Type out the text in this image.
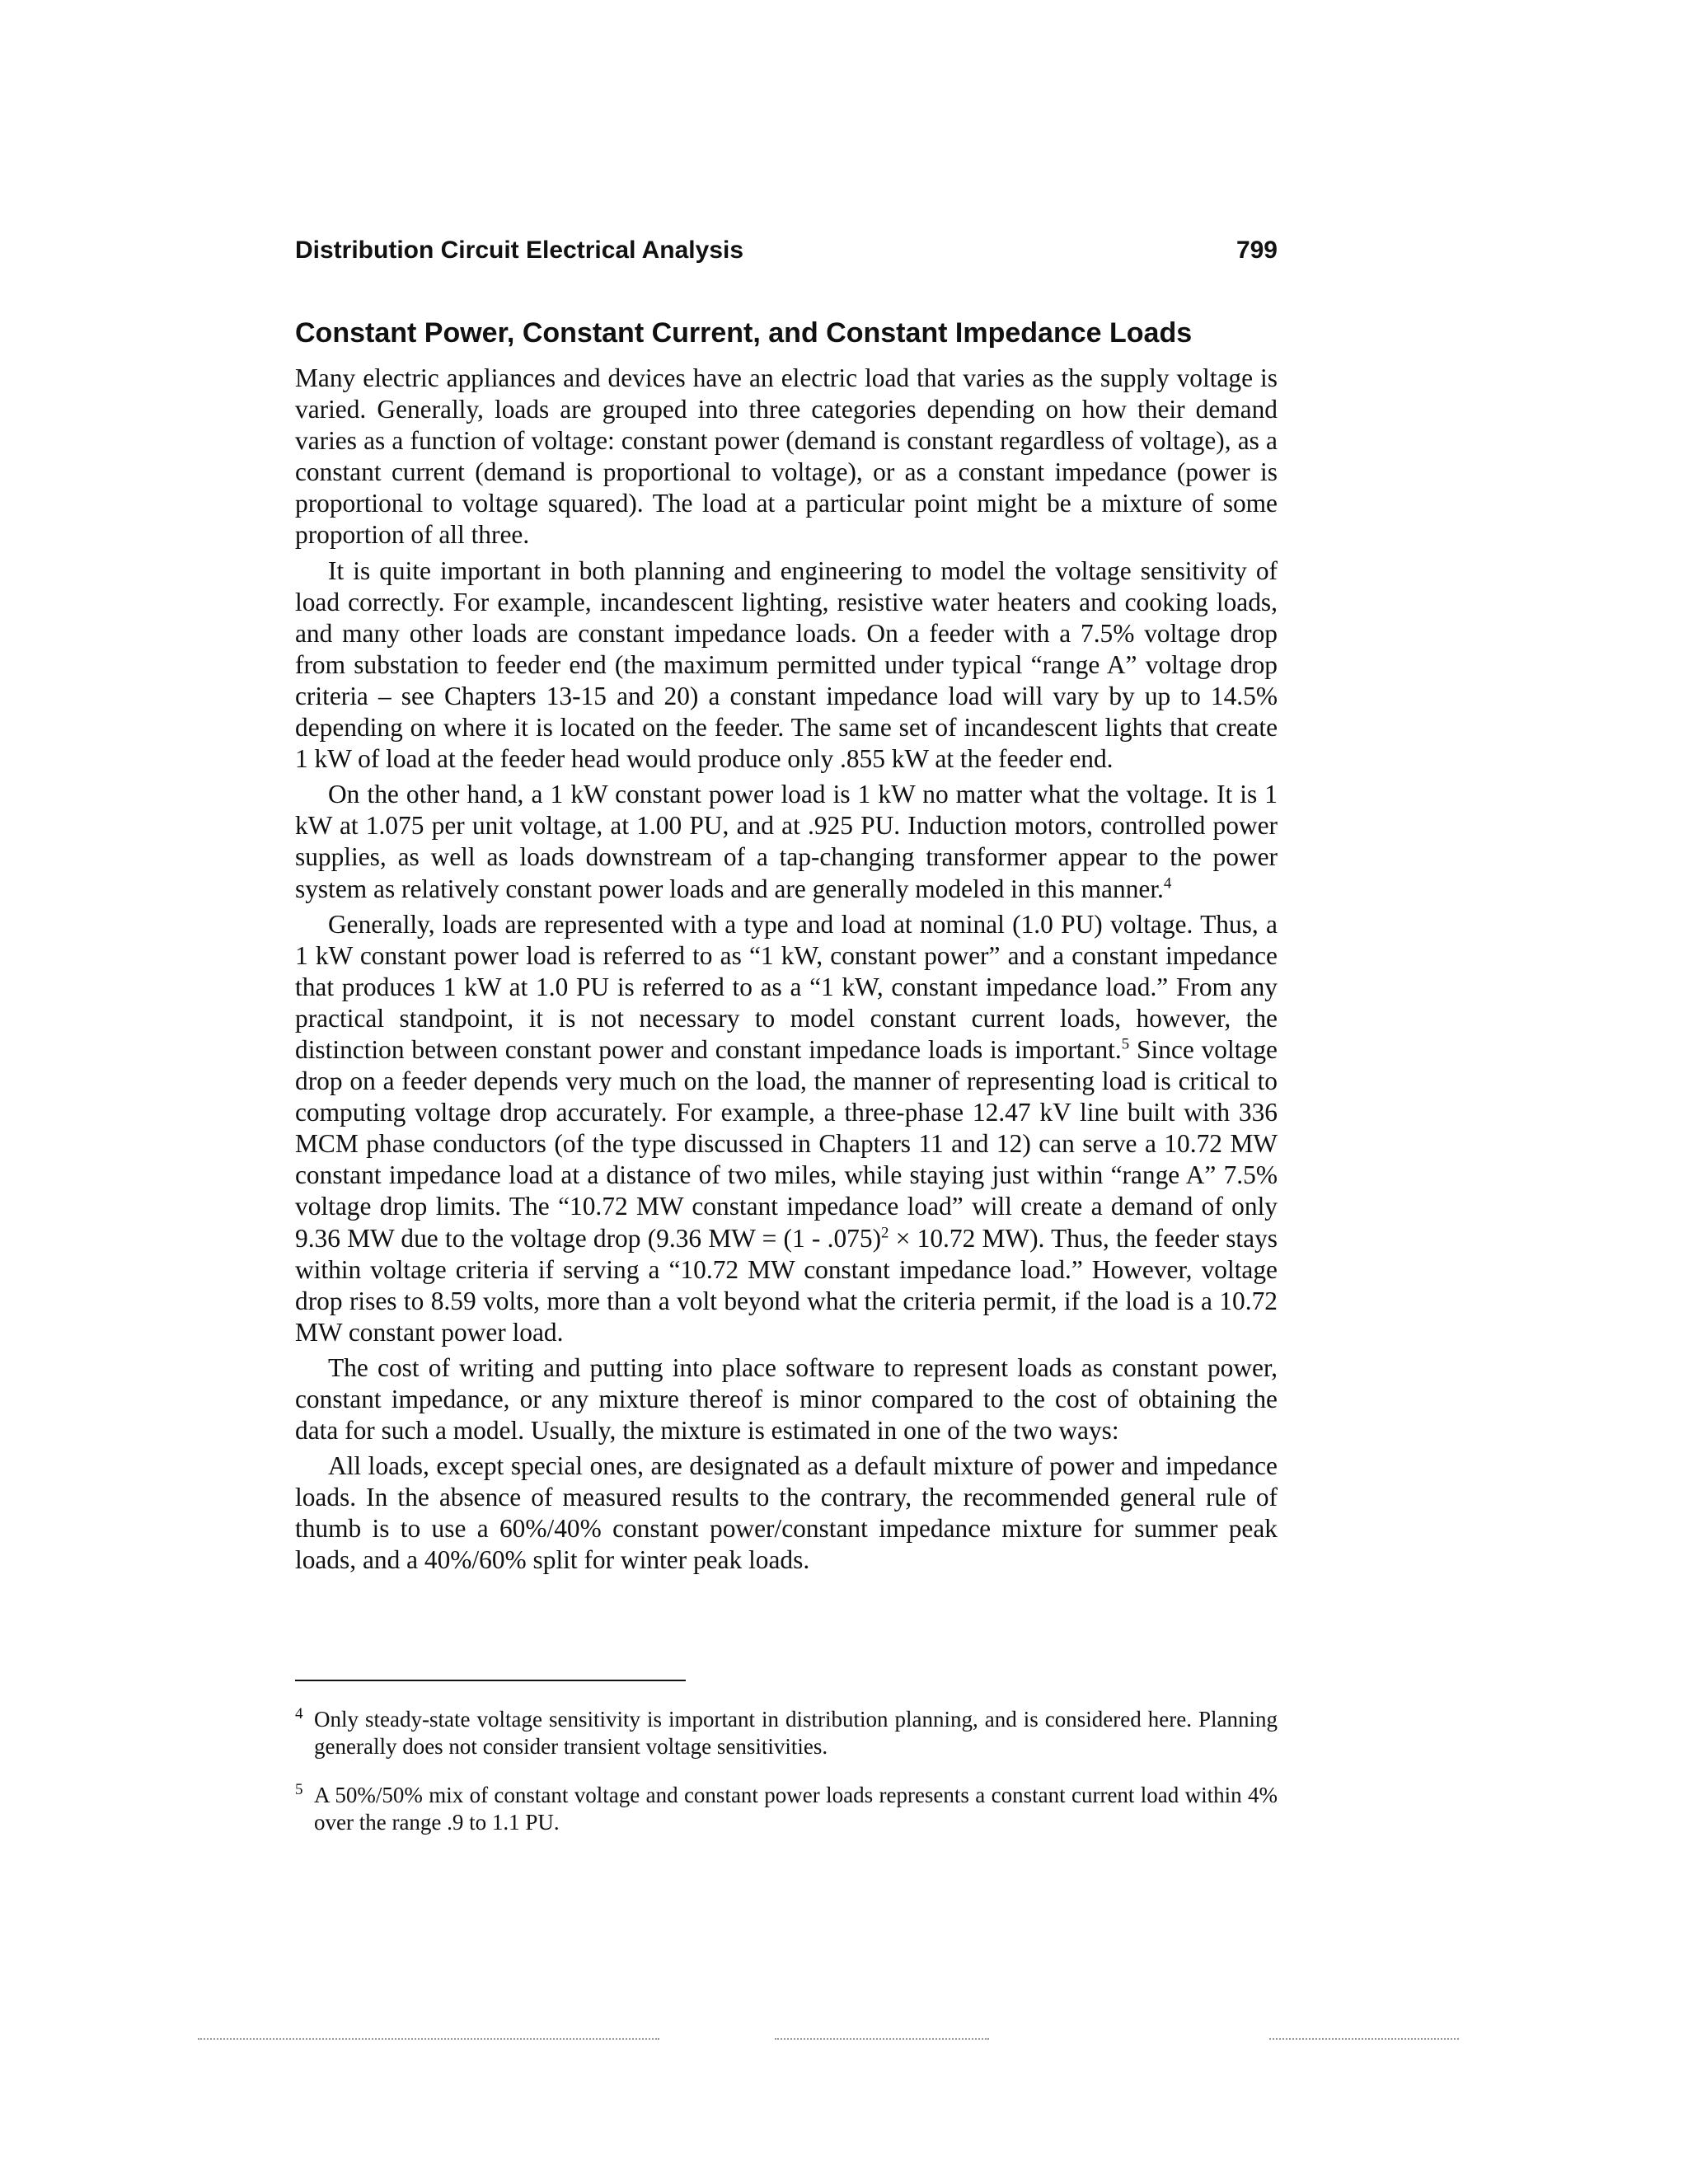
Distribution Circuit Electrical Analysis	799
Constant Power, Constant Current, and Constant Impedance Loads

Many electric appliances and devices have an electric load that varies as the supply voltage is varied. Generally, loads are grouped into three categories depending on how their demand varies as a function of voltage: constant power (demand is constant regardless of voltage), as a constant current (demand is proportional to voltage), or as a constant impedance (power is proportional to voltage squared). The load at a particular point might be a mixture of some proportion of all three.

It is quite important in both planning and engineering to model the voltage sensitivity of load correctly. For example, incandescent lighting, resistive water heaters and cooking loads, and many other loads are constant impedance loads. On a feeder with a 7.5% voltage drop from substation to feeder end (the maximum permitted under typical “range A” voltage drop criteria – see Chapters 13-15 and 20) a constant impedance load will vary by up to 14.5% depending on where it is located on the feeder. The same set of incandescent lights that create 1 kW of load at the feeder head would produce only .855 kW at the feeder end.

On the other hand, a 1 kW constant power load is 1 kW no matter what the voltage. It is 1 kW at 1.075 per unit voltage, at 1.00 PU, and at .925 PU. Induction motors, controlled power supplies, as well as loads downstream of a tap-changing transformer appear to the power system as relatively constant power loads and are generally modeled in this manner.$^4$

Generally, loads are represented with a type and load at nominal (1.0 PU) voltage. Thus, a 1 kW constant power load is referred to as “1 kW, constant power” and a constant impedance that produces 1 kW at 1.0 PU is referred to as a “1 kW, constant impedance load.” From any practical standpoint, it is not necessary to model constant current loads, however, the distinction between constant power and constant impedance loads is important.$^5$ Since voltage drop on a feeder depends very much on the load, the manner of representing load is critical to computing voltage drop accurately. For example, a three-phase 12.47 kV line built with 336 MCM phase conductors (of the type discussed in Chapters 11 and 12) can serve a 10.72 MW constant impedance load at a distance of two miles, while staying just within “range A” 7.5% voltage drop limits. The “10.72 MW constant impedance load” will create a demand of only 9.36 MW due to the voltage drop (9.36 MW = (1 - .075)$^2$ × 10.72 MW). Thus, the feeder stays within voltage criteria if serving a “10.72 MW constant impedance load.” However, voltage drop rises to 8.59 volts, more than a volt beyond what the criteria permit, if the load is a 10.72 MW constant power load.

The cost of writing and putting into place software to represent loads as constant power, constant impedance, or any mixture thereof is minor compared to the cost of obtaining the data for such a model. Usually, the mixture is estimated in one of the two ways:

All loads, except special ones, are designated as a default mixture of power and impedance loads. In the absence of measured results to the contrary, the recommended general rule of thumb is to use a 60%/40% constant power/constant impedance mixture for summer peak loads, and a 40%/60% split for winter peak loads.

4 Only steady-state voltage sensitivity is important in distribution planning, and is considered here. Planning generally does not consider transient voltage sensitivities.
5 A 50%/50% mix of constant voltage and constant power loads represents a constant current load within 4% over the range .9 to 1.1 PU.
